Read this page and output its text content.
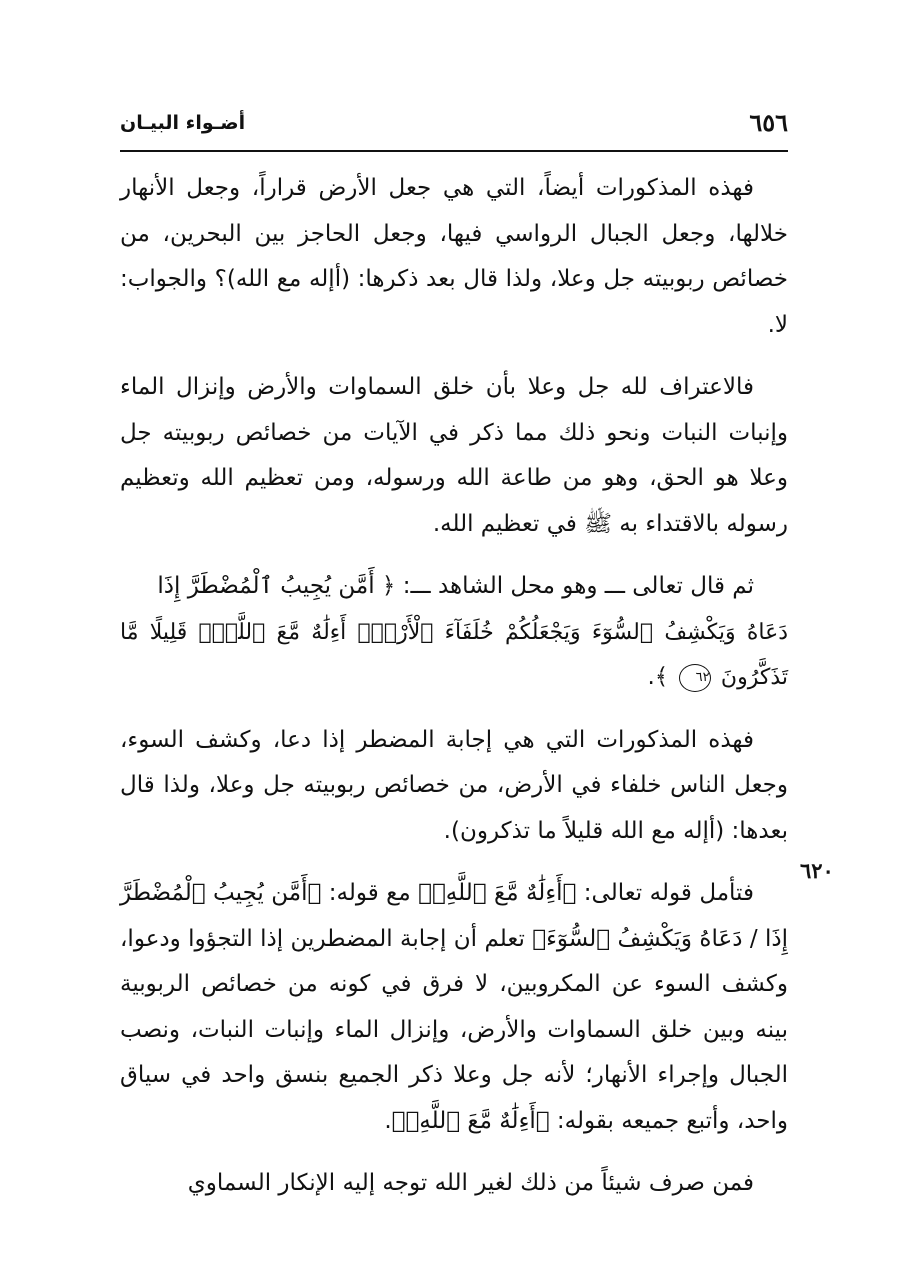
٦٥٦
أضـواء البيـان
٦٢٠

فهذه المذكورات أيضاً، التي هي جعل الأرض قراراً، وجعل الأنهار خلالها، وجعل الجبال الرواسي فيها، وجعل الحاجز بين البحرين، من خصائص ربوبيته جل وعلا، ولذا قال بعد ذكرها: (أإله مع الله)؟ والجواب: لا.

فالاعتراف لله جل وعلا بأن خلق السماوات والأرض وإنزال الماء وإنبات النبات ونحو ذلك مما ذكر في الآيات من خصائص ربوبيته جل وعلا هو الحق، وهو من طاعة الله ورسوله، ومن تعظيم الله وتعظيم رسوله بالاقتداء به ﷺ في تعظيم الله.

ثم قال تعالى ـــ وهو محل الشاهد ـــ: ﴿ أَمَّن يُجِيبُ ٱلْمُضْطَرَّ إِذَا
دَعَاهُ وَيَكْشِفُ ٱلسُّوٓءَ وَيَجْعَلُكُمْ خُلَفَآءَ ٱلْأَرْضِۗ أَءِلَٰهٌ مَّعَ ٱللَّهِۚ قَلِيلًا مَّا تَذَكَّرُونَ ٦٢ ﴾.

فهذه المذكورات التي هي إجابة المضطر إذا دعا، وكشف السوء، وجعل الناس خلفاء في الأرض، من خصائص ربوبيته جل وعلا، ولذا قال بعدها: (أإله مع الله قليلاً ما تذكرون).

فتأمل قوله تعالى: ﴿أَءِلَٰهٌ مَّعَ ٱللَّهِۚ﴾ مع قوله: ﴿أَمَّن يُجِيبُ ٱلْمُضْطَرَّ إِذَا / دَعَاهُ وَيَكْشِفُ ٱلسُّوٓءَ﴾ تعلم أن إجابة المضطرين إذا التجؤوا ودعوا، وكشف السوء عن المكروبين، لا فرق في كونه من خصائص الربوبية بينه وبين خلق السماوات والأرض، وإنزال الماء وإنبات النبات، ونصب الجبال وإجراء الأنهار؛ لأنه جل وعلا ذكر الجميع بنسق واحد في سياق واحد، وأتبع جميعه بقوله: ﴿أَءِلَٰهٌ مَّعَ ٱللَّهِۚ﴾.

فمن صرف شيئاً من ذلك لغير الله توجه إليه الإنكار السماوي
